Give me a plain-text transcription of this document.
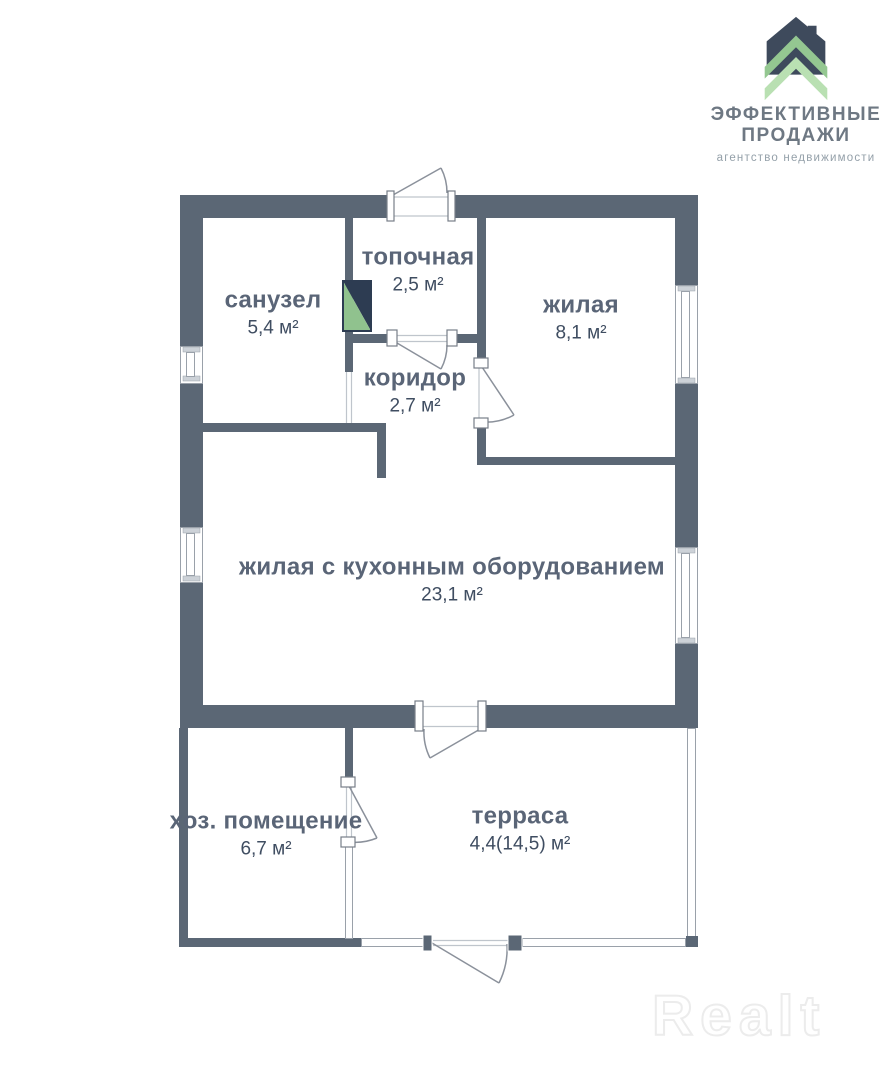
ЭФФЕКТИВНЫЕ
ПРОДАЖИ
агентство недвижимости
санузел
5,4 м²
топочная
2,5 м²
жилая
8,1 м²
коридор
2,7 м²
жилая с кухонным оборудованием
23,1 м²
хоз. помещение
6,7 м²
терраса
4,4(14,5) м²
Realt
